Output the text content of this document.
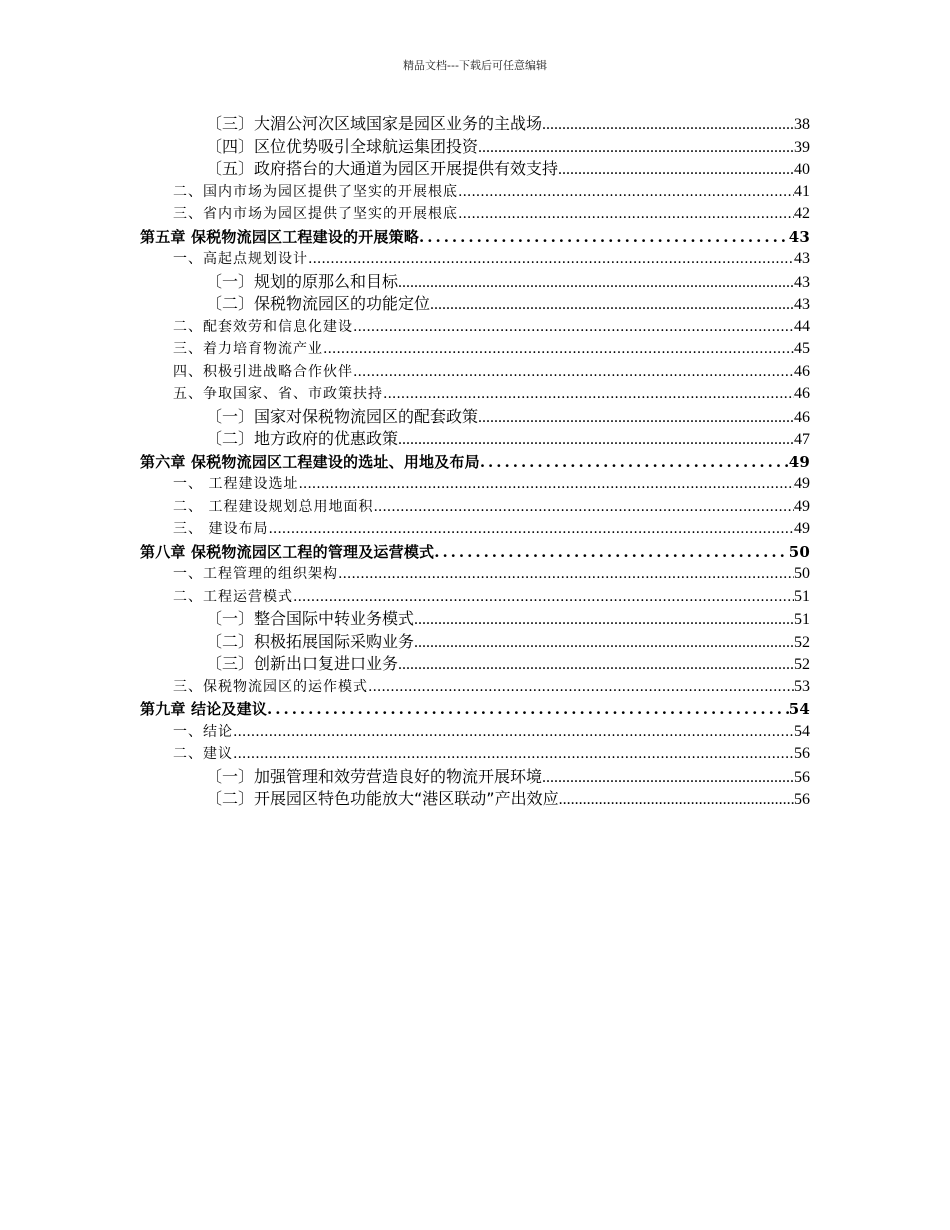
精品文档---下载后可任意编辑
〔三〕大湄公河次区域国家是园区业务的主战场 .....	38
〔四〕区位优势吸引全球航运集团投资 .....	39
〔五〕政府搭台的大通道为园区开展提供有效支持 .....	40
二、国内市场为园区提供了坚实的开展根底 .....	41
三、省内市场为园区提供了坚实的开展根底 .....	42
第五章 保税物流园区工程建设的开展策略 .....	43
一、高起点规划设计 .....	43
〔一〕规划的原那么和目标 .....	43
〔二〕保税物流园区的功能定位 .....	43
二、配套效劳和信息化建设 .....	44
三、着力培育物流产业 .....	45
四、积极引进战略合作伙伴 .....	46
五、争取国家、省、市政策扶持 .....	46
〔一〕国家对保税物流园区的配套政策 .....	46
〔二〕地方政府的优惠政策 .....	47
第六章 保税物流园区工程建设的选址、用地及布局 .....	49
一、 工程建设选址 .....	49
二、 工程建设规划总用地面积 .....	49
三、 建设布局 .....	49
第八章 保税物流园区工程的管理及运营模式 .....	50
一、工程管理的组织架构 .....	50
二、工程运营模式 .....	51
〔一〕整合国际中转业务模式 .....	51
〔二〕积极拓展国际采购业务 .....	52
〔三〕创新出口复进口业务 .....	52
三、保税物流园区的运作模式 .....	53
第九章 结论及建议 .....	54
一、结论 .....	54
二、建议 .....	56
〔一〕加强管理和效劳营造良好的物流开展环境 .....	56
〔二〕开展园区特色功能放大“港区联动”产出效应 .....	56
